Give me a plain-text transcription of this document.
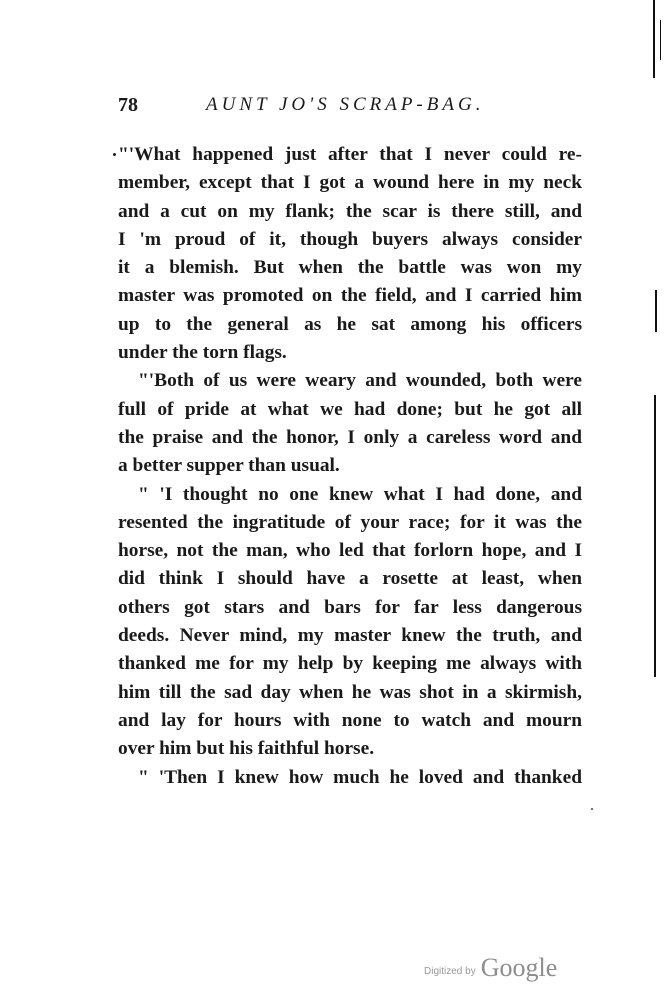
78	AUNT JO'S SCRAP-BAG.
"'What happened just after that I never could re-
member, except that I got a wound here in my neck
and a cut on my flank; the scar is there still, and
I 'm proud of it, though buyers always consider
it a blemish. But when the battle was won my
master was promoted on the field, and I carried him
up to the general as he sat among his officers
under the torn flags.
"'Both of us were weary and wounded, both were
full of pride at what we had done; but he got all
the praise and the honor, I only a careless word and
a better supper than usual.
" 'I thought no one knew what I had done, and
resented the ingratitude of your race; for it was the
horse, not the man, who led that forlorn hope, and I
did think I should have a rosette at least, when
others got stars and bars for far less dangerous
deeds. Never mind, my master knew the truth, and
thanked me for my help by keeping me always with
him till the sad day when he was shot in a skirmish,
and lay for hours with none to watch and mourn
over him but his faithful horse.
" 'Then I knew how much he loved and thanked
Digitized by Google
